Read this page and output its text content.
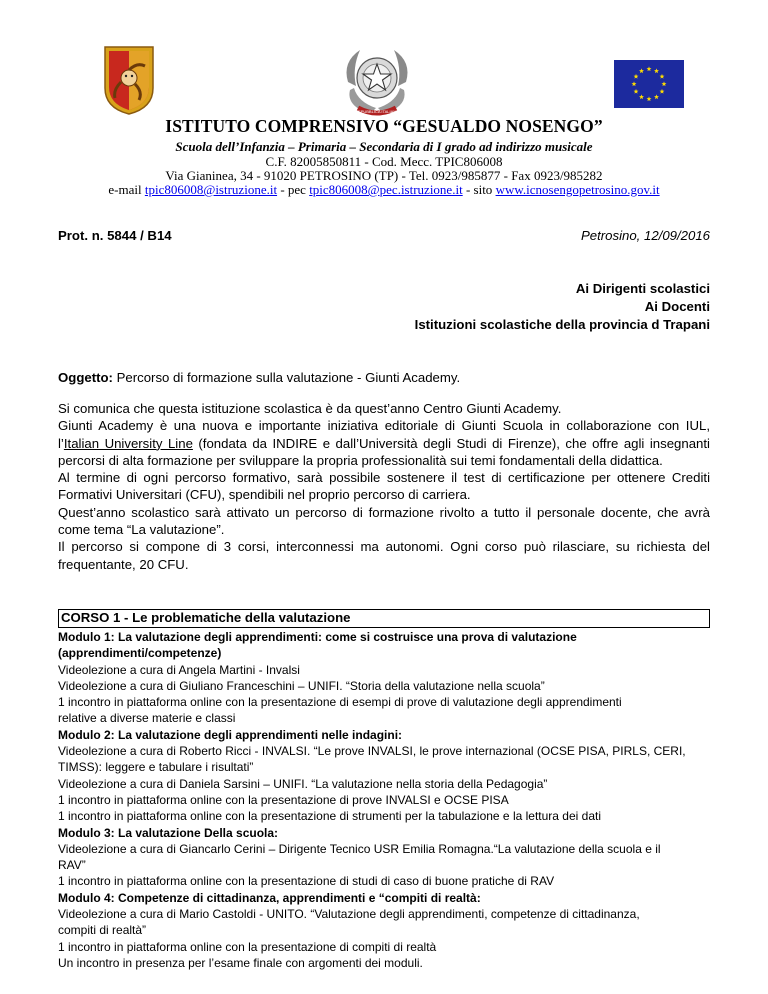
REPUBBLICA ITALIANA
ISTITUTO COMPRENSIVO “GESUALDO NOSENGO”
Scuola dell’Infanzia – Primaria – Secondaria di I grado ad indirizzo musicale
C.F. 82005850811 - Cod. Mecc. TPIC806008
Via Gianinea, 34 - 91020 PETROSINO (TP) - Tel. 0923/985877 - Fax 0923/985282
e-mail tpic806008@istruzione.it - pec tpic806008@pec.istruzione.it - sito www.icnosengopetrosino.gov.it
Prot. n. 5844 / B14	Petrosino, 12/09/2016
Ai Dirigenti scolastici
Ai Docenti
Istituzioni scolastiche della provincia d Trapani
Oggetto: Percorso di formazione sulla valutazione - Giunti Academy.

Si comunica che questa istituzione scolastica è da quest’anno Centro Giunti Academy.

Giunti Academy è una nuova e importante iniziativa editoriale di Giunti Scuola in collaborazione con IUL, l’Italian University Line (fondata da INDIRE e dall’Università degli Studi di Firenze), che offre agli insegnanti percorsi di alta formazione per sviluppare la propria professionalità sui temi fondamentali della didattica.

Al termine di ogni percorso formativo, sarà possibile sostenere il test di certificazione per ottenere Crediti Formativi Universitari (CFU), spendibili nel proprio percorso di carriera.

Quest’anno scolastico sarà attivato un percorso di formazione rivolto a tutto il personale docente, che avrà come tema “La valutazione”.

Il percorso si compone di 3 corsi, interconnessi ma autonomi. Ogni corso può rilasciare, su richiesta del frequentante, 20 CFU.

CORSO 1 - Le problematiche della valutazione
Modulo 1: La valutazione degli apprendimenti: come si costruisce una prova di valutazione
(apprendimenti/competenze)
Videolezione a cura di Angela Martini - Invalsi
Videolezione a cura di Giuliano Franceschini – UNIFI. “Storia della valutazione nella scuola”
1 incontro in piattaforma online con la presentazione di esempi di prove di valutazione degli apprendimenti
relative a diverse materie e classi
Modulo 2: La valutazione degli apprendimenti nelle indagini:
Videolezione a cura di Roberto Ricci - INVALSI. “Le prove INVALSI, le prove internazional (OCSE PISA, PIRLS, CERI,
TIMSS): leggere e tabulare i risultati”
Videolezione a cura di Daniela Sarsini – UNIFI. “La valutazione nella storia della Pedagogia”
1 incontro in piattaforma online con la presentazione di prove INVALSI e OCSE PISA
1 incontro in piattaforma online con la presentazione di strumenti per la tabulazione e la lettura dei dati
Modulo 3: La valutazione Della scuola:
Videolezione a cura di Giancarlo Cerini – Dirigente Tecnico USR Emilia Romagna.“La valutazione della scuola e il
RAV”
1 incontro in piattaforma online con la presentazione di studi di caso di buone pratiche di RAV
Modulo 4: Competenze di cittadinanza, apprendimenti e “compiti di realtà:
Videolezione a cura di Mario Castoldi - UNITO. “Valutazione degli apprendimenti, competenze di cittadinanza,
compiti di realtà”
1 incontro in piattaforma online con la presentazione di compiti di realtà
Un incontro in presenza per l’esame finale con argomenti dei moduli.
